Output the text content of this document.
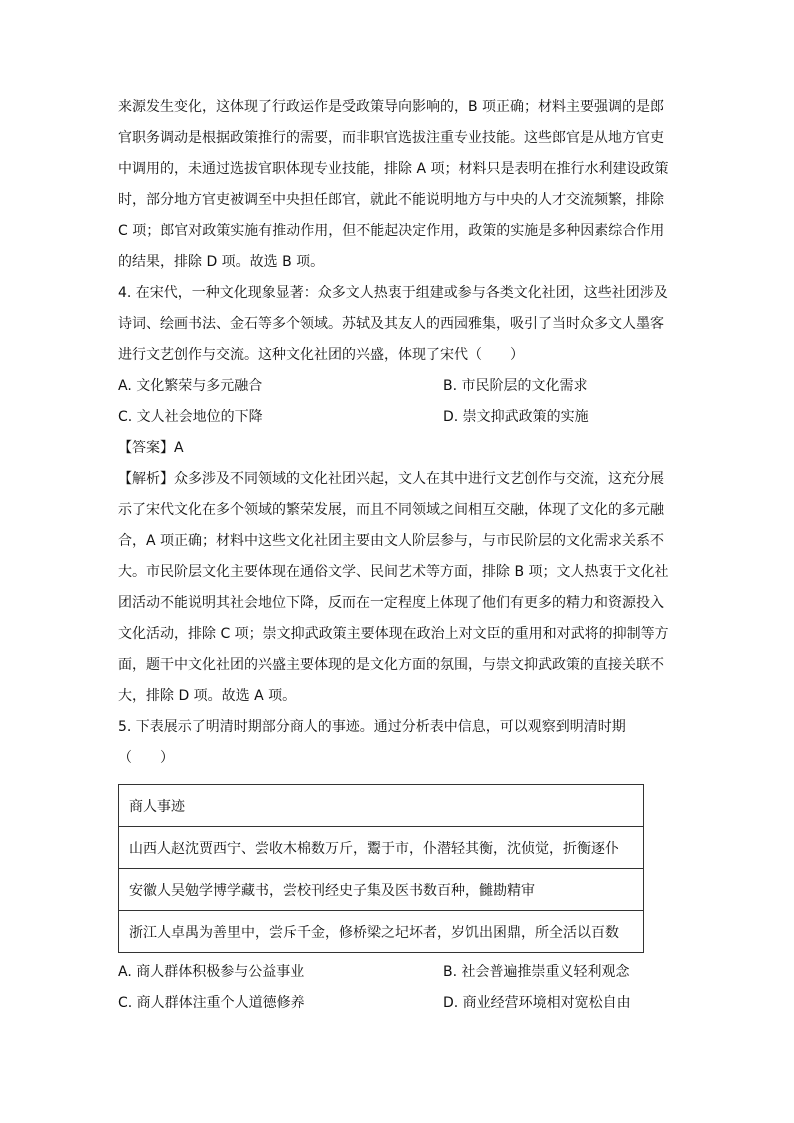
来源发生变化，这体现了行政运作是受政策导向影响的，B 项正确；材料主要强调的是郎
官职务调动是根据政策推行的需要，而非职官选拔注重专业技能。这些郎官是从地方官吏
中调用的，未通过选拔官职体现专业技能，排除 A 项；材料只是表明在推行水利建设政策
时，部分地方官吏被调至中央担任郎官，就此不能说明地方与中央的人才交流频繁，排除
C 项；郎官对政策实施有推动作用，但不能起决定作用，政策的实施是多种因素综合作用
的结果，排除 D 项。故选 B 项。
4. 在宋代，一种文化现象显著：众多文人热衷于组建或参与各类文化社团，这些社团涉及
诗词、绘画书法、金石等多个领域。苏轼及其友人的西园雅集，吸引了当时众多文人墨客
进行文艺创作与交流。这种文化社团的兴盛，体现了宋代（　　）
A. 文化繁荣与多元融合	B. 市民阶层的文化需求
C. 文人社会地位的下降	D. 崇文抑武政策的实施
【答案】A
【解析】众多涉及不同领域的文化社团兴起，文人在其中进行文艺创作与交流，这充分展
示了宋代文化在多个领域的繁荣发展，而且不同领域之间相互交融，体现了文化的多元融
合，A 项正确；材料中这些文化社团主要由文人阶层参与，与市民阶层的文化需求关系不
大。市民阶层文化主要体现在通俗文学、民间艺术等方面，排除 B 项；文人热衷于文化社
团活动不能说明其社会地位下降，反而在一定程度上体现了他们有更多的精力和资源投入
文化活动，排除 C 项；崇文抑武政策主要体现在政治上对文臣的重用和对武将的抑制等方
面，题干中文化社团的兴盛主要体现的是文化方面的氛围，与崇文抑武政策的直接关联不
大，排除 D 项。故选 A 项。
5. 下表展示了明清时期部分商人的事迹。通过分析表中信息，可以观察到明清时期
（　　）
商人事迹
山西人赵沈贾西宁、尝收木棉数万斤，鬻于市，仆潜轻其衡，沈侦觉，折衡逐仆
安徽人吴勉学博学藏书，尝校刊经史子集及医书数百种，雠勘精审
浙江人卓禺为善里中，尝斥千金，修桥梁之圮坏者，岁饥出囷鼎，所全活以百数
A. 商人群体积极参与公益事业	B. 社会普遍推崇重义轻利观念
C. 商人群体注重个人道德修养	D. 商业经营环境相对宽松自由
